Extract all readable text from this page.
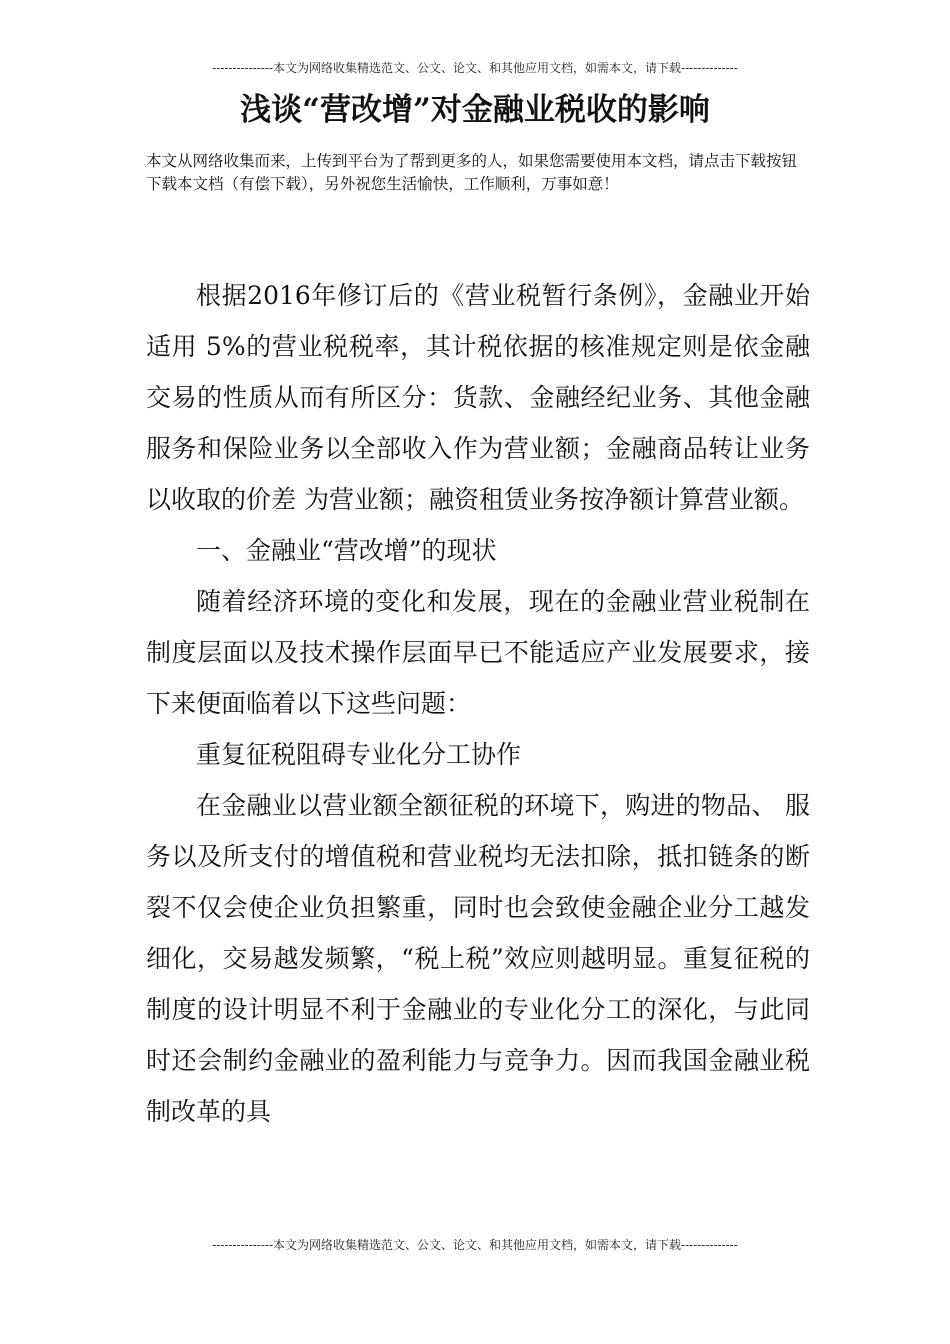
---------------本文为网络收集精选范文、公文、论文、和其他应用文档，如需本文，请下载--------------
浅谈“营改增”对金融业税收的影响
本文从网络收集而来，上传到平台为了帮到更多的人，如果您需要使用本文档，请点击下载按钮下载本文档（有偿下载），另外祝您生活愉快，工作顺利，万事如意！

根据2016年修订后的《营业税暂行条例》，金融业开始适用 5%的营业税税率，其计税依据的核准规定则是依金融交易的性质从而有所区分：货款、金融经纪业务、其他金融服务和保险业务以全部收入作为营业额；金融商品转让业务以收取的价差 为营业额；融资租赁业务按净额计算营业额。

一、金融业“营改增”的现状

随着经济环境的变化和发展，现在的金融业营业税制在制度层面以及技术操作层面早已不能适应产业发展要求，接下来便面临着以下这些问题：

重复征税阻碍专业化分工协作

在金融业以营业额全额征税的环境下，购进的物品、 服务以及所支付的增值税和营业税均无法扣除，抵扣链条的断裂不仅会使企业负担繁重，同时也会致使金融企业分工越发细化，交易越发频繁，“税上税”效应则越明显。重复征税的制度的设计明显不利于金融业的专业化分工的深化，与此同时还会制约金融业的盈利能力与竞争力。因而我国金融业税制改革的具

---------------本文为网络收集精选范文、公文、论文、和其他应用文档，如需本文，请下载--------------
